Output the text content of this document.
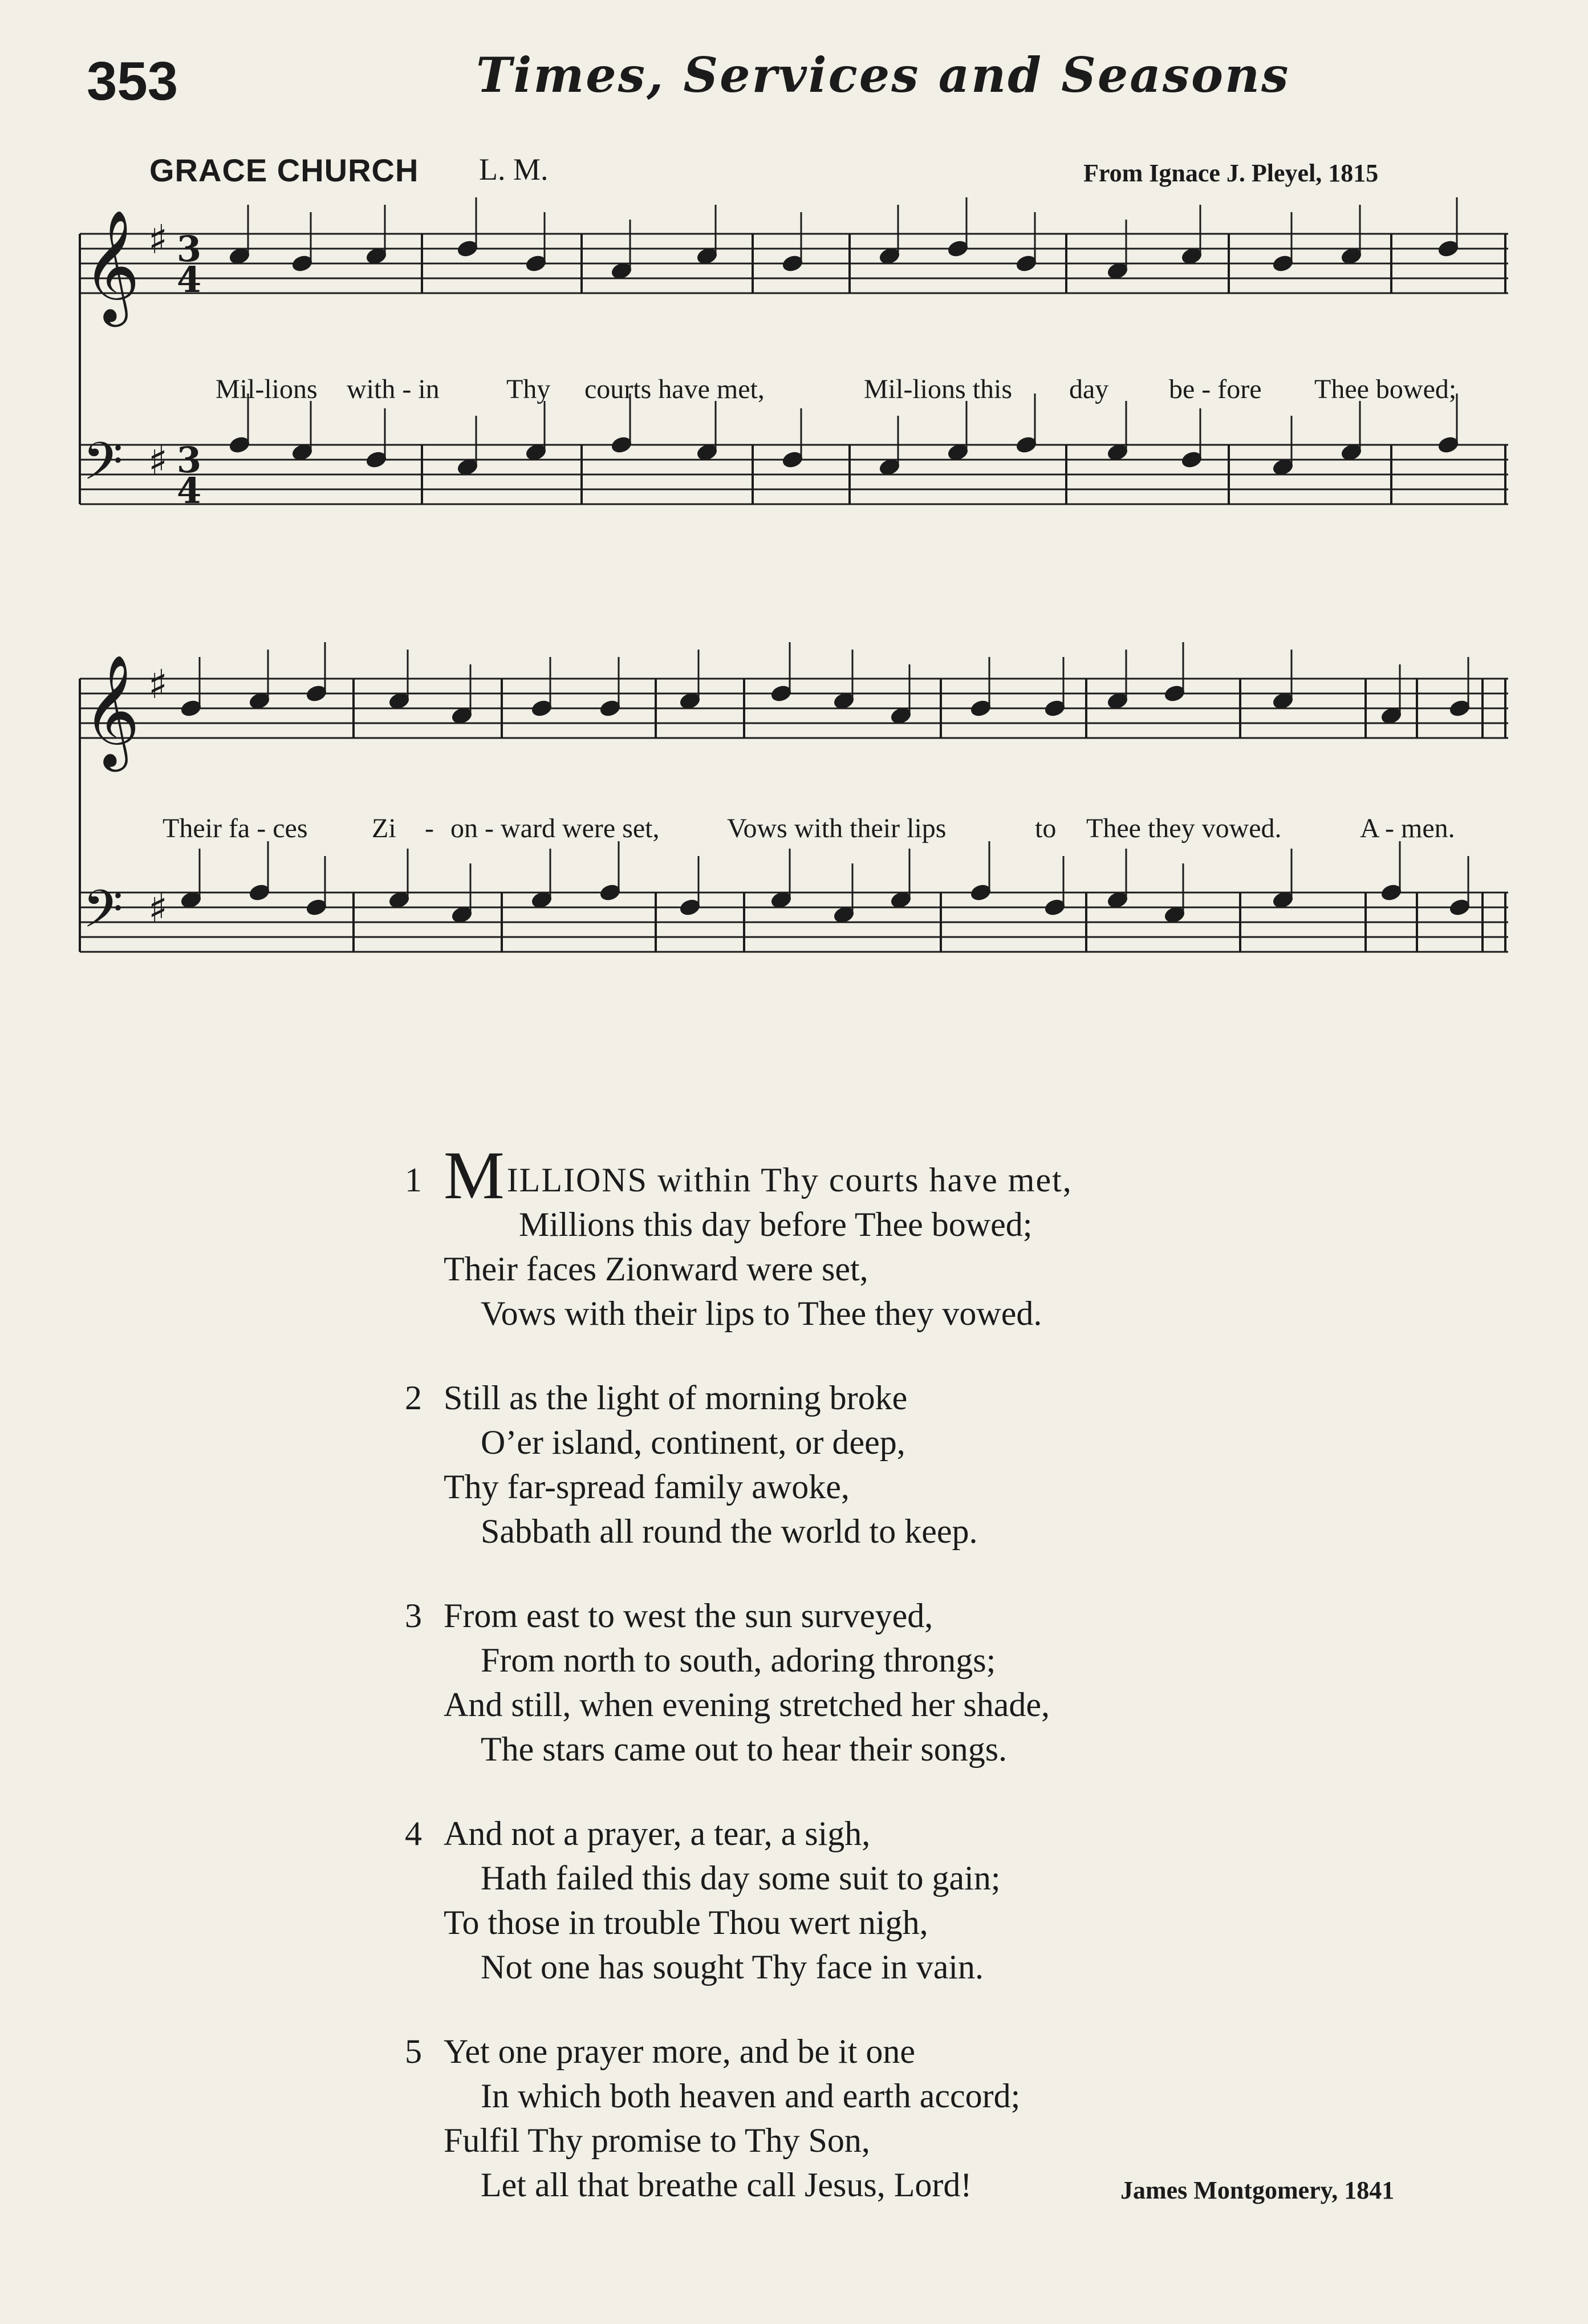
353	Times, Services and Seasons
GRACE CHURCH L. M.	From Ignace J. Pleyel, 1815
𝄞 ♯ 3
4
𝄢 ♯ 3
4
𝄞 ♯
𝄢 ♯
Mil-lions with - in Thy courts have met,	Mil-lions this day be - fore Thee bowed;
Their fa - ces Zi - on - ward were set, Vows with their lips	to Thee they vowed.	A - men.
1 MILLIONS within Thy courts have met,
Millions this day before Thee bowed;
Their faces Zionward were set,
Vows with their lips to Thee they vowed.
2 Still as the light of morning broke
O’er island, continent, or deep,
Thy far-spread family awoke,
Sabbath all round the world to keep.
3 From east to west the sun surveyed,
From north to south, adoring throngs;
And still, when evening stretched her shade,
The stars came out to hear their songs.
4 And not a prayer, a tear, a sigh,
Hath failed this day some suit to gain;
To those in trouble Thou wert nigh,
Not one has sought Thy face in vain.
5 Yet one prayer more, and be it one
In which both heaven and earth accord;
Fulfil Thy promise to Thy Son,
Let all that breathe call Jesus, Lord!	James Montgomery, 1841
